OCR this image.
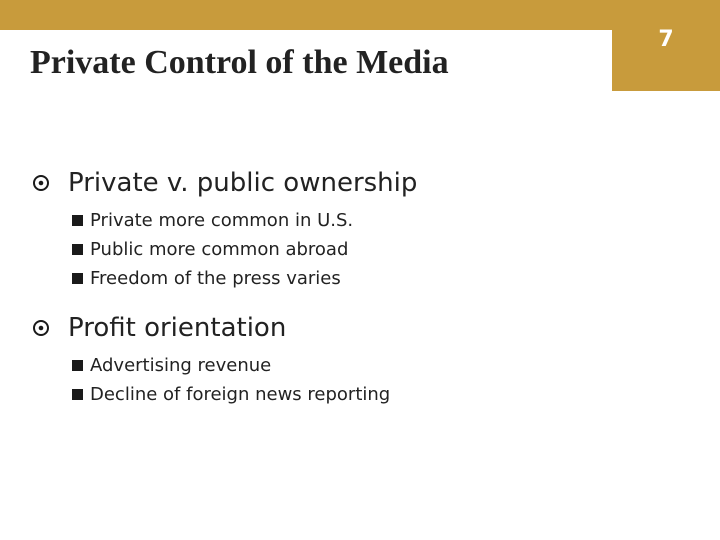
7
Private Control of the Media
Private v. public ownership
Private more common in U.S.
Public more common abroad
Freedom of the press varies
Profit orientation
Advertising revenue
Decline of foreign news reporting
